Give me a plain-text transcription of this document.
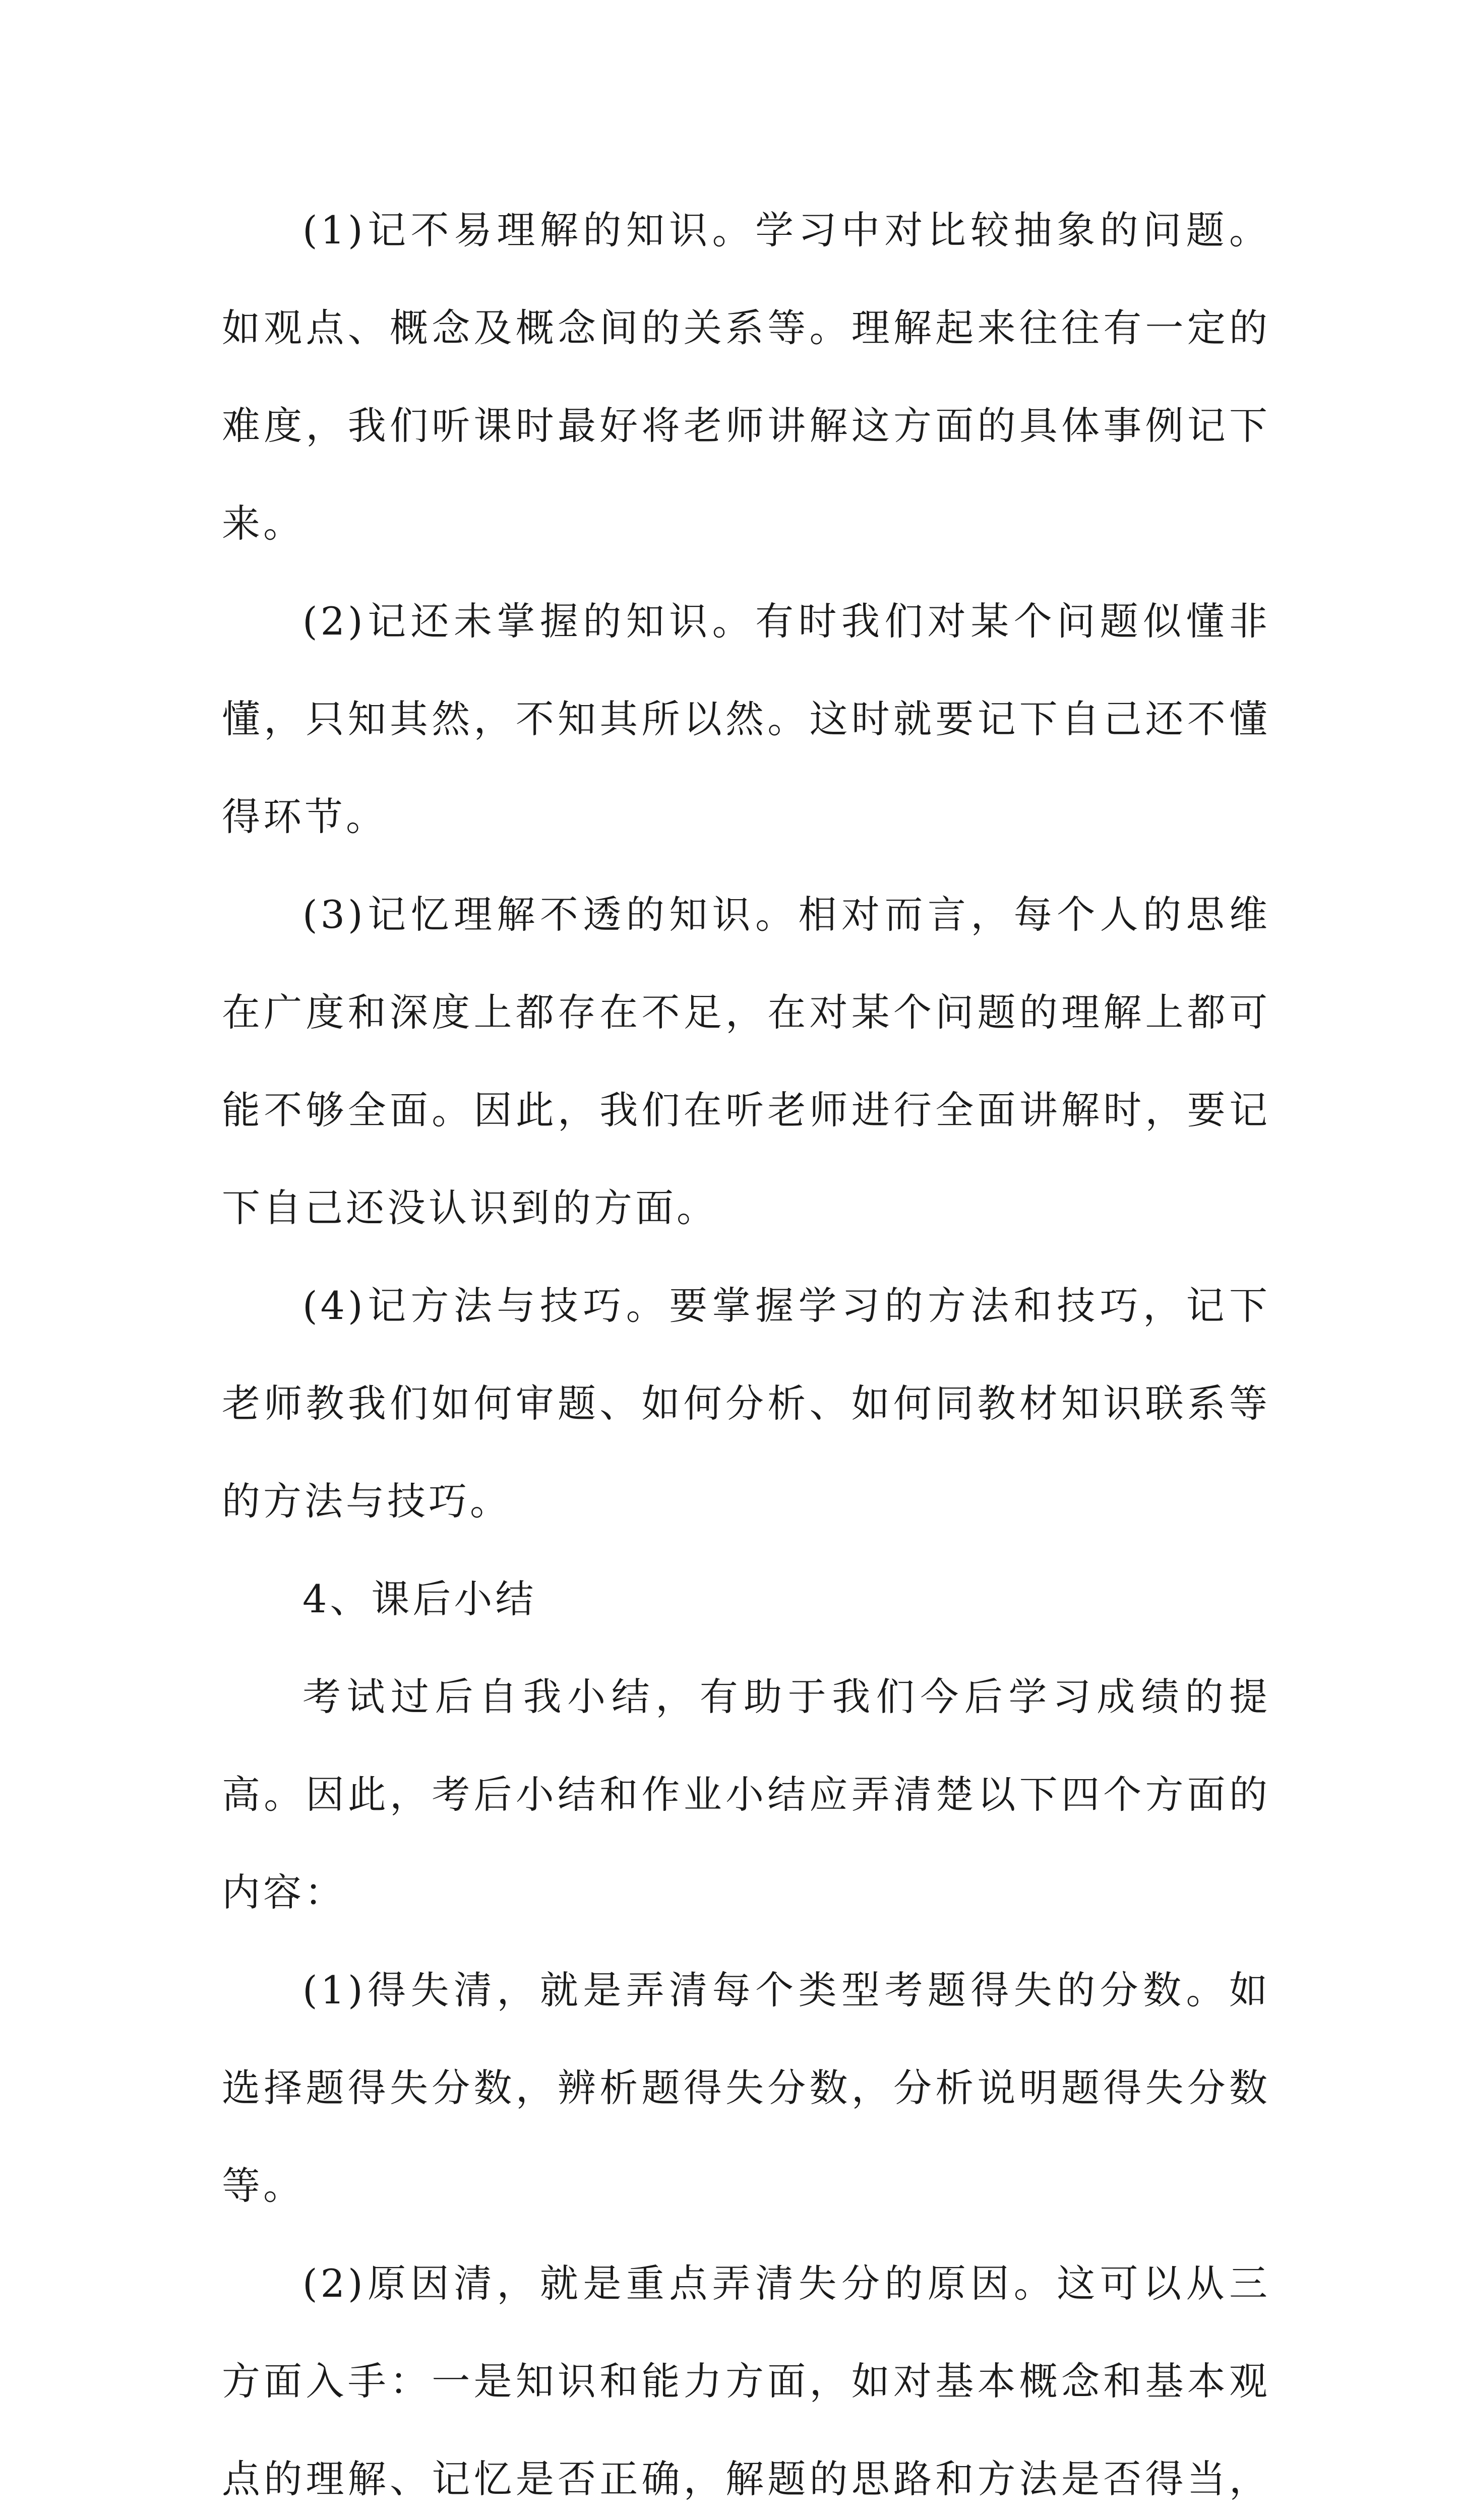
(1)记不易理解的知识。学习中对比较抽象的问题。如观点、概念及概念间的关系等。理解起来往往有一定的难度，我们听课时最好将老师讲解这方面的具体事例记下来。

(2)记还未掌握的知识。有时我们对某个问题似懂非懂，只知其然，不知其所以然。这时就要记下自己还不懂得环节。

(3)记忆理解不透的知识。相对而言，每个人的思维在广度和深度上都存在不足，在对某个问题的理解上都可能不够全面。因此，我们在听老师进行全面讲解时，要记下自己还没认识到的方面。

(4)记方法与技巧。要掌握学习的方法和技巧，记下老师教我们如何审题、如何分析、如何同教材知识联系等的方法与技巧。

4、课后小结

考试过后自我小结，有助于我们今后学习成绩的提高。因此，考后小结和作业小结应弄清楚以下四个方面的内容：

(1)得失清，就是弄清每个类型考题得失的分数。如选择题得失分数，辨析题得失分数，分析说明题得失分数等。

(2)原因清，就是重点弄清失分的原因。这可以从三方面入手：一是知识和能力方面，如对基本概念和基本观点的理解、记忆是否正确，解题的思路和方法是否得当，
